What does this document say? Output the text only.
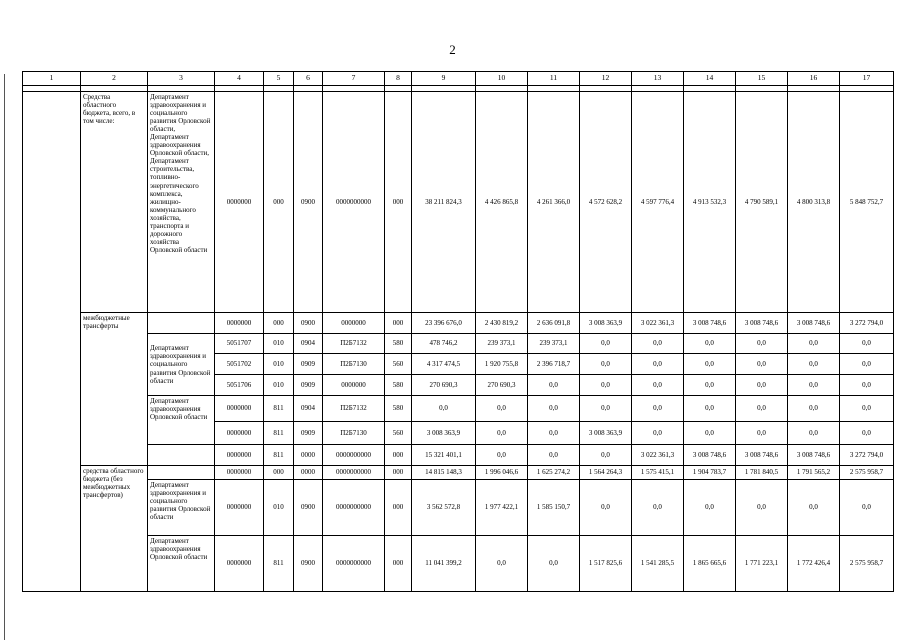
2
1	2	3	4	5	6	7	8	9	10	11	12	13	14	15	16	17

	Средства областного бюджета, всего, в том числе:	Департамент здравоохранения и социального развития Орловской области, Департамент здравоохранения Орловской области, Департамент строительства, топливно-энергетического комплекса, жилищно-коммунального хозяйства, транспорта и дорожного хозяйства Орловской области	0000000	000	0900	0000000000	000	38 211 824,3	4 426 865,8	4 261 366,0	4 572 628,2	4 597 776,4	4 913 532,3	4 790 589,1	4 800 313,8	5 848 752,7
	межбюджетные трансферты		0000000	000	0900	0000000	000	23 396 676,0	2 430 819,2	2 636 091,8	3 008 363,9	3 022 361,3	3 008 748,6	3 008 748,6	3 008 748,6	3 272 794,0
		Департамент здравоохранения и социального развития Орловской области	5051707	010	0904	П2Б7132	580	478 746,2	239 373,1	239 373,1	0,0	0,0	0,0	0,0	0,0	0,0
			5051702	010	0909	П2Б7130	560	4 317 474,5	1 920 755,8	2 396 718,7	0,0	0,0	0,0	0,0	0,0	0,0
			5051706	010	0909	0000000	580	270 690,3	270 690,3	0,0	0,0	0,0	0,0	0,0	0,0	0,0
		Департамент здравоохранения Орловской области	0000000	811	0904	П2Б7132	580	0,0	0,0	0,0	0,0	0,0	0,0	0,0	0,0	0,0
			0000000	811	0909	П2Б7130	560	3 008 363,9	0,0	0,0	3 008 363,9	0,0	0,0	0,0	0,0	0,0
			0000000	811	0000	0000000000	000	15 321 401,1	0,0	0,0	0,0	3 022 361,3	3 008 748,6	3 008 748,6	3 008 748,6	3 272 794,0
	средства областного бюджета (без межбюджетных трансфертов)		0000000	000	0000	0000000000	000	14 815 148,3	1 996 046,6	1 625 274,2	1 564 264,3	1 575 415,1	1 904 783,7	1 781 840,5	1 791 565,2	2 575 958,7
		Департамент здравоохранения и социального развития Орловской области	0000000	010	0900	0000000000	000	3 562 572,8	1 977 422,1	1 585 150,7	0,0	0,0	0,0	0,0	0,0	0,0
		Департамент здравоохранения Орловской области	0000000	811	0900	0000000000	000	11 041 399,2	0,0	0,0	1 517 825,6	1 541 285,5	1 865 665,6	1 771 223,1	1 772 426,4	2 575 958,7
